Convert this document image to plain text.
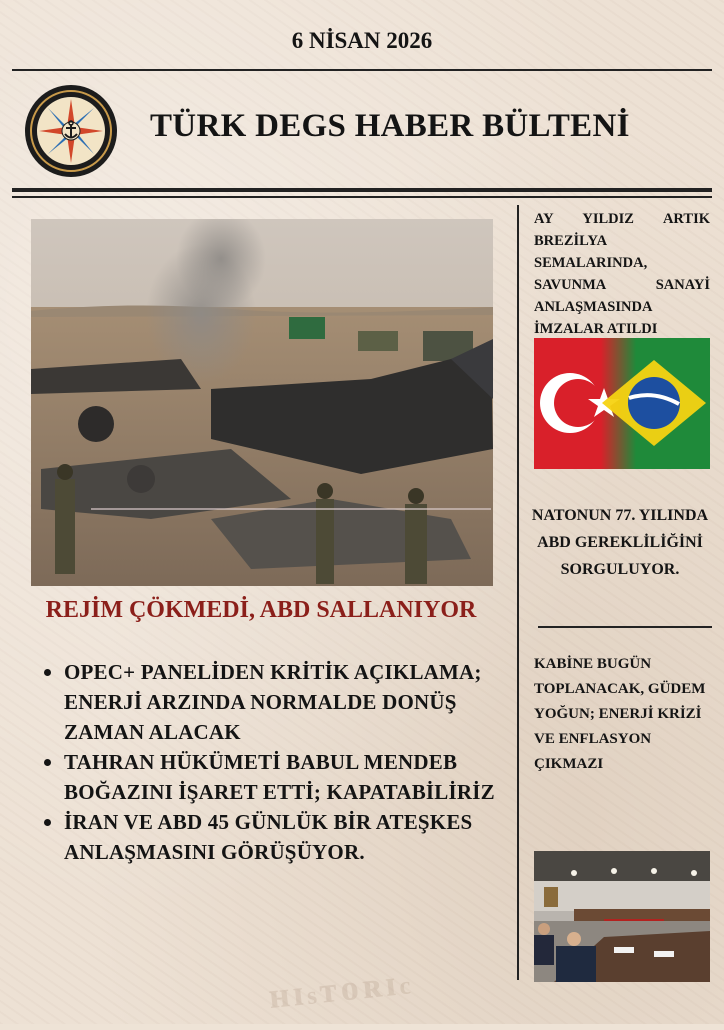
ᴴᴵˢᵀᴼᴿᴵᶜ
6 NİSAN 2026
TÜRK DEGS HABER BÜLTENİ
REJİM ÇÖKMEDİ, ABD SALLANIYOR
OPEC+ PANELİDEN KRİTİK AÇIKLAMA; ENERJİ ARZINDA NORMALDE DONÜŞ ZAMAN ALACAK
TAHRAN HÜKÜMETİ BABUL MENDEB BOĞAZINI İŞARET ETTİ; KAPATABİLİRİZ
İRAN VE ABD 45 GÜNLÜK BİR ATEŞKES ANLAŞMASINI GÖRÜŞÜYOR.
AY YILDIZ ARTIK BREZİLYA SEMALARINDA, SAVUNMA SANAYİ ANLAŞMASINDA İMZALAR ATILDI
NATONUN 77. YILINDA ABD GEREKLİLİĞİNİ SORGULUYOR.
KABİNE BUGÜN TOPLANACAK, GÜDEM YOĞUN; ENERJİ KRİZİ VE ENFLASYON ÇIKMAZI
